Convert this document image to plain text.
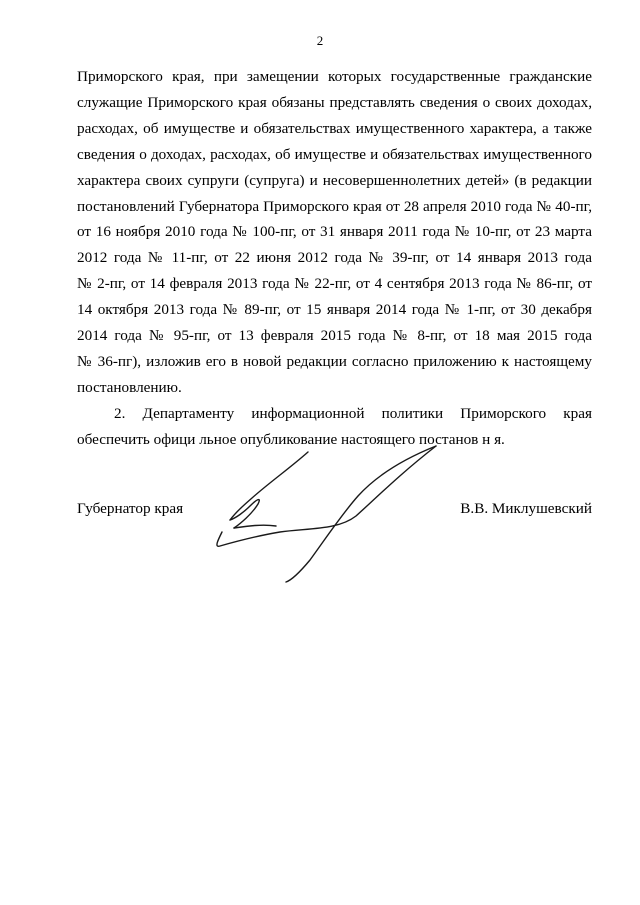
2

Приморского края, при замещении которых государственные гражданские
служащие Приморского края обязаны представлять сведения о своих доходах,
расходах, об имуществе и обязательствах имущественного характера, а также
сведения о доходах, расходах, об имуществе и обязательствах имущественного
характера своих супруги (супруга) и несовершеннолетних детей» (в редакции
постановлений Губернатора Приморского края от 28 апреля 2010 года № 40-пг,
от 16 ноября 2010 года № 100-пг, от 31 января 2011 года № 10-пг, от 23 марта
2012 года № 11-пг, от 22 июня 2012 года № 39-пг, от 14 января 2013 года
№ 2-пг, от 14 февраля 2013 года № 22-пг, от 4 сентября 2013 года № 86-пг, от
14 октября 2013 года № 89-пг, от 15 января 2014 года № 1-пг, от 30 декабря
2014 года № 95-пг, от 13 февраля 2015 года № 8-пг, от 18 мая 2015 года
№ 36-пг), изложив его в новой редакции согласно приложению к настоящему
постановлению.

2. Департаменту информационной политики Приморского края
обеспечить офици льное опубликование настоящего постанов н я.

Губернатор края	В.В. Миклушевский
